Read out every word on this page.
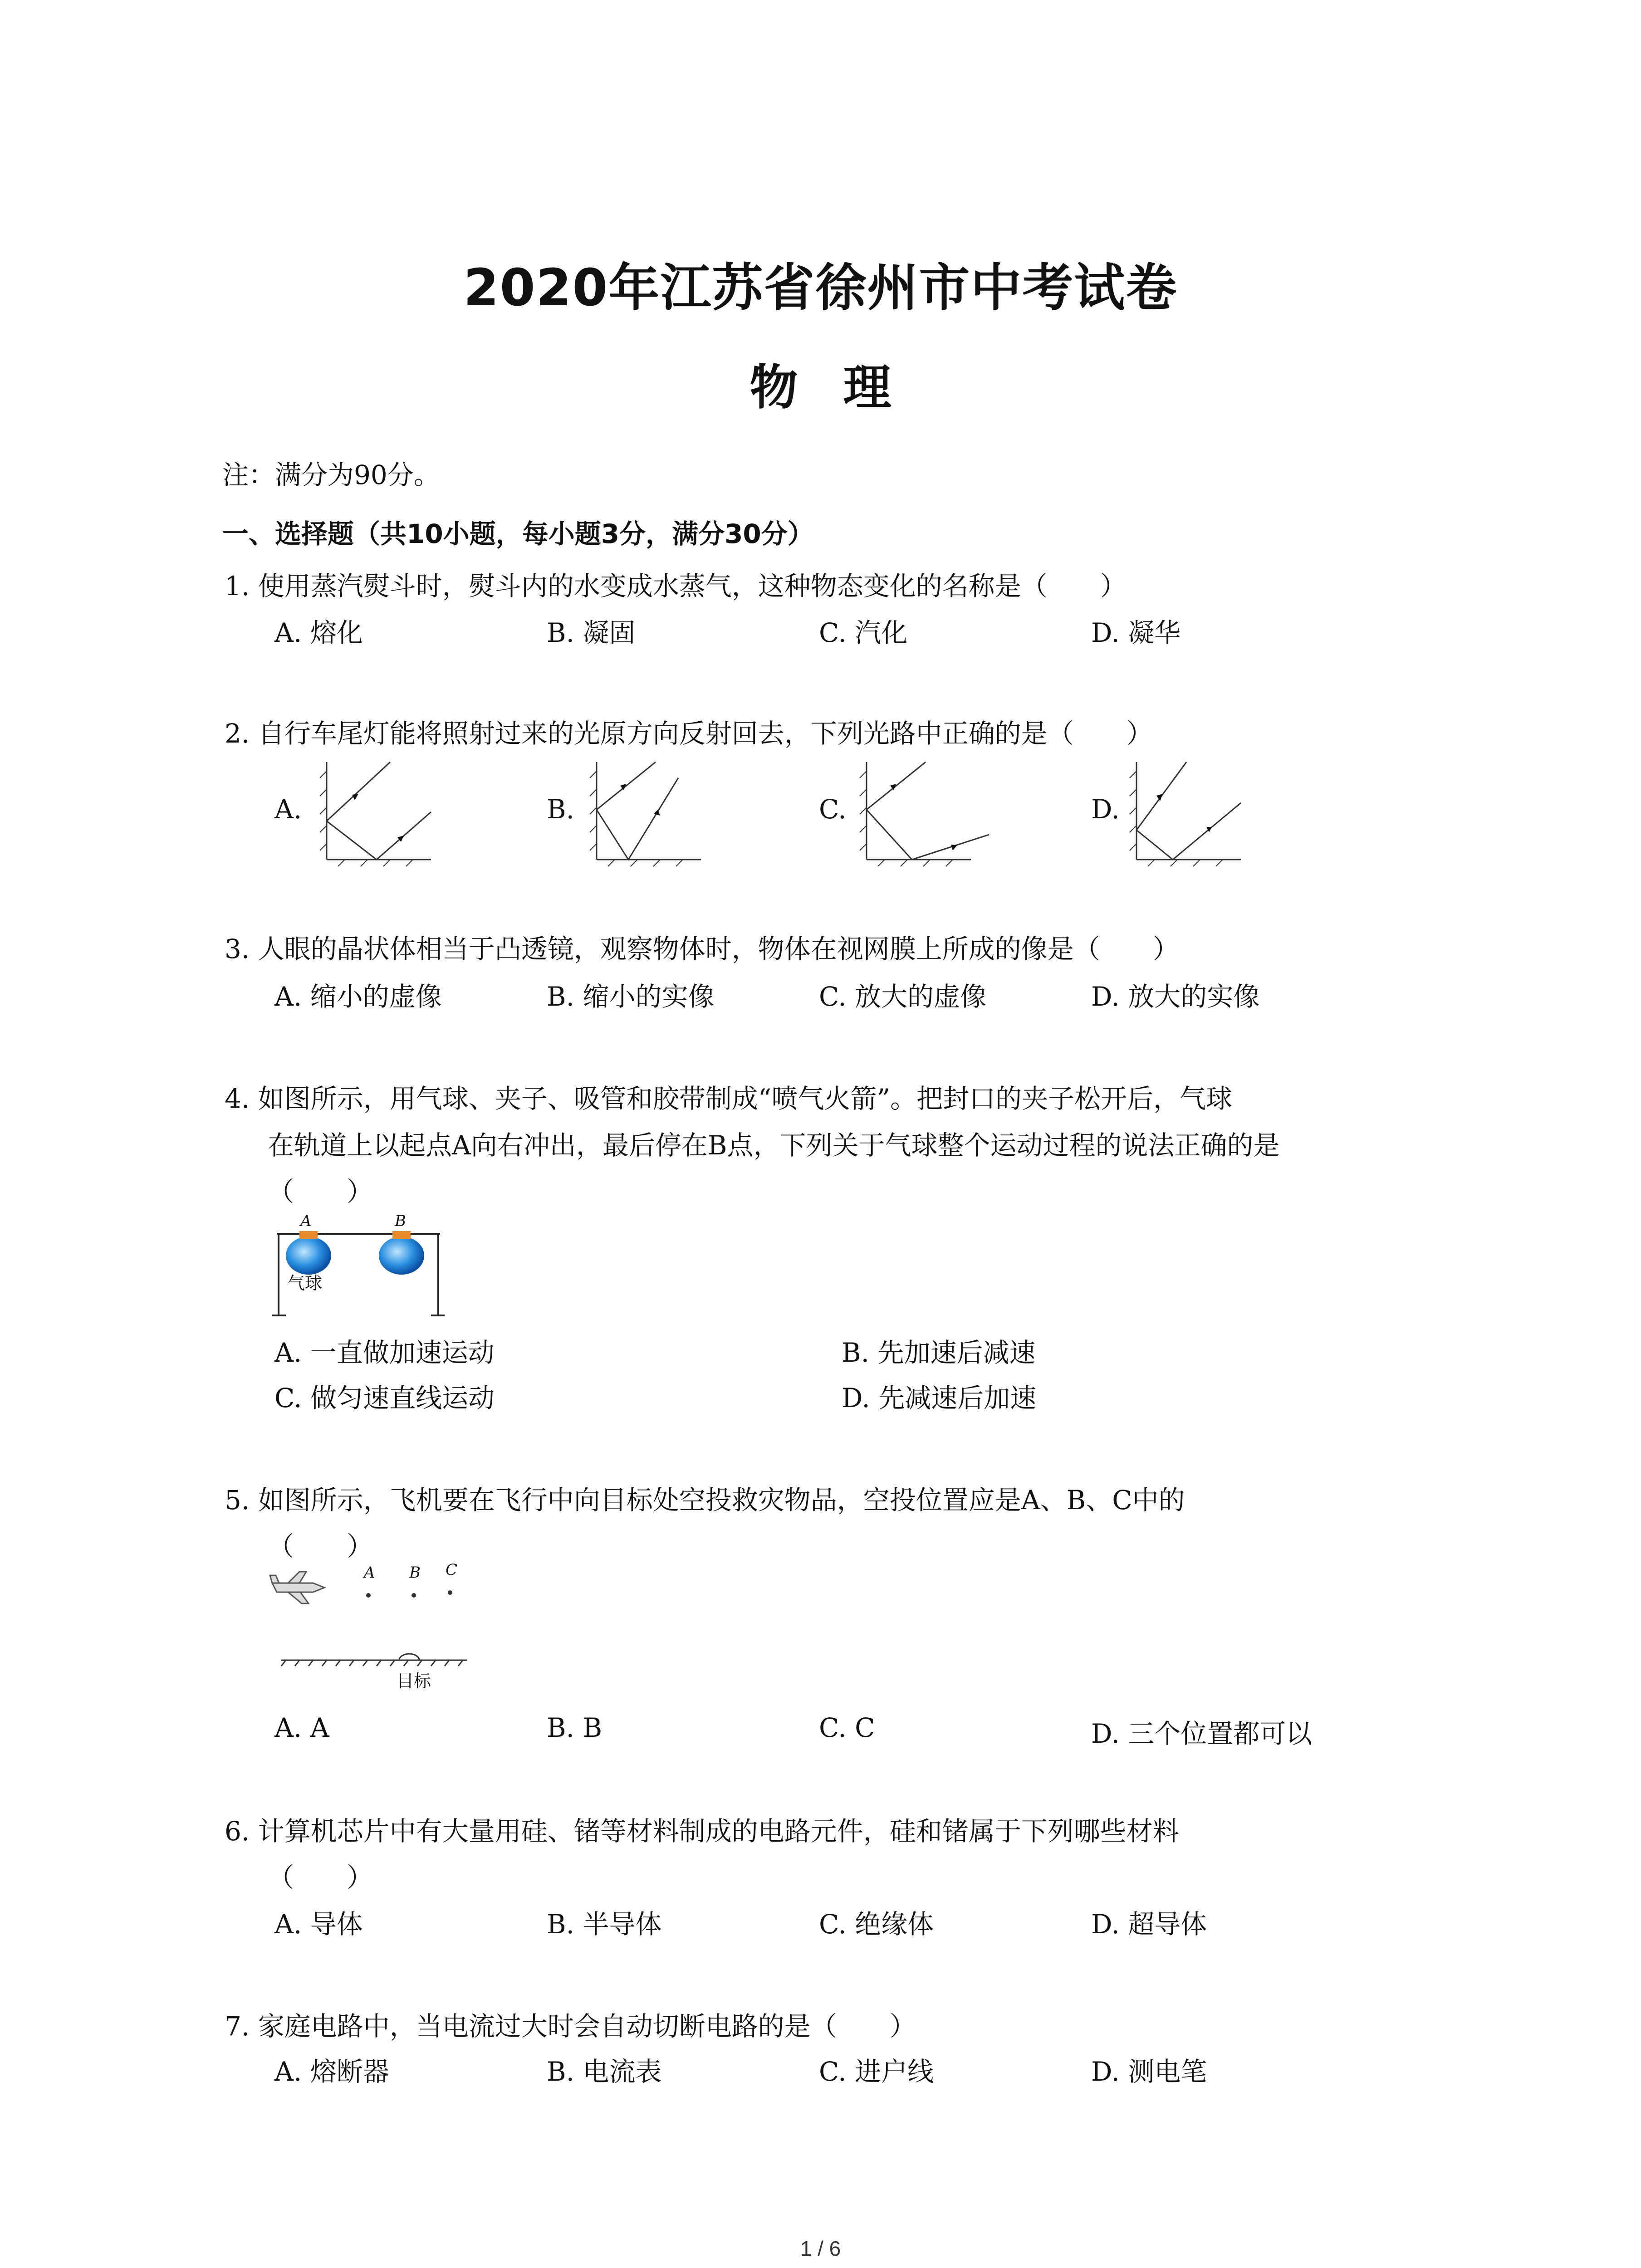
2020年江苏省徐州市中考试卷
物理
注：满分为90分。
一、选择题（共10小题，每小题3分，满分30分）
1. 使用蒸汽熨斗时，熨斗内的水变成水蒸气，这种物态变化的名称是（　　）
A. 熔化	B. 凝固	C. 汽化	D. 凝华
2. 自行车尾灯能将照射过来的光原方向反射回去，下列光路中正确的是（　　）
A.	B.	C.	D.
3. 人眼的晶状体相当于凸透镜，观察物体时，物体在视网膜上所成的像是（　　）
A. 缩小的虚像	B. 缩小的实像	C. 放大的虚像	D. 放大的实像
4. 如图所示，用气球、夹子、吸管和胶带制成“喷气火箭”。把封口的夹子松开后，气球
在轨道上以起点A向右冲出，最后停在B点，下列关于气球整个运动过程的说法正确的是
（　　）
A	B
气球
A. 一直做加速运动	B. 先加速后减速
C. 做匀速直线运动	D. 先减速后加速
5. 如图所示，飞机要在飞行中向目标处空投救灾物品，空投位置应是A、B、C中的
（　　）
A B C
目标
A. A	B. B	C. C	D. 三个位置都可以
6. 计算机芯片中有大量用硅、锗等材料制成的电路元件，硅和锗属于下列哪些材料
（　　）
A. 导体	B. 半导体	C. 绝缘体	D. 超导体
7. 家庭电路中，当电流过大时会自动切断电路的是（　　）
A. 熔断器	B. 电流表	C. 进户线	D. 测电笔
1 / 6
